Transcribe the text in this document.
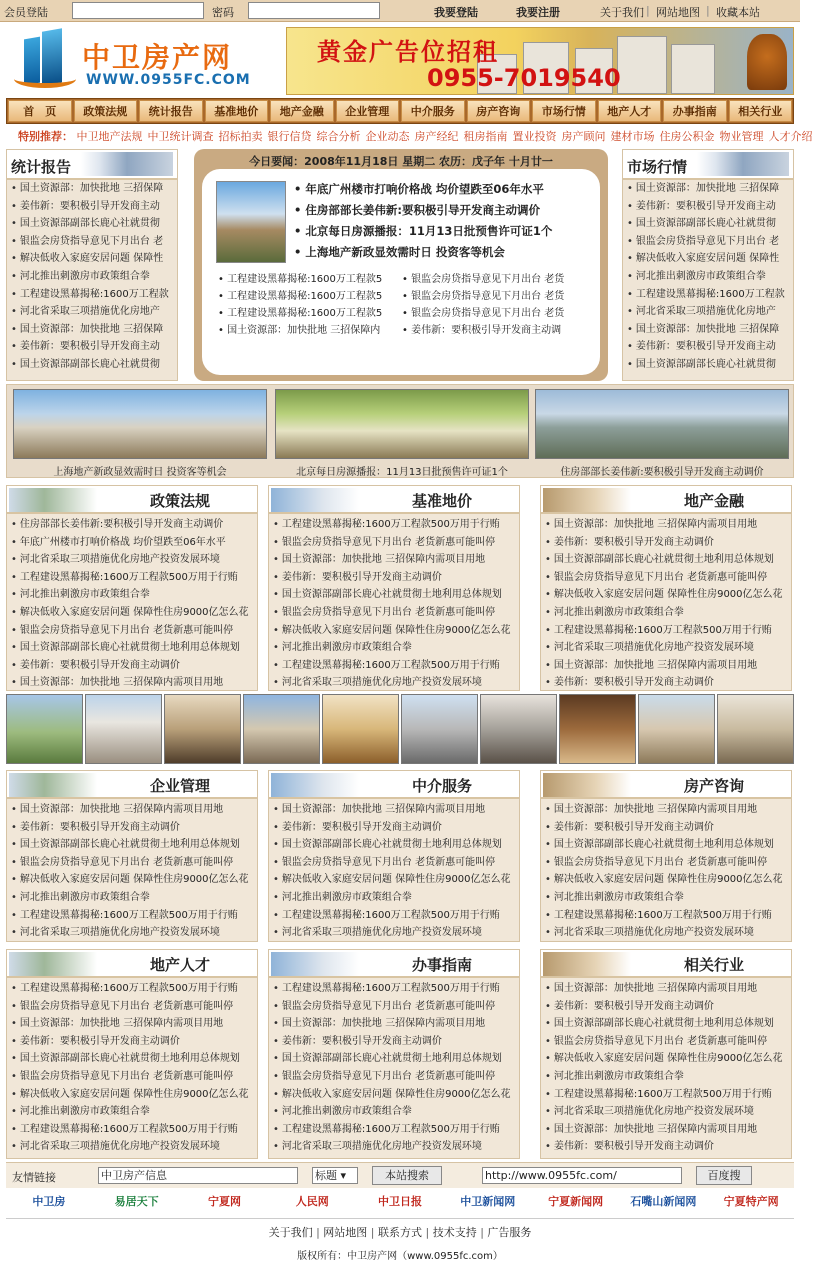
会员登陆	密码	我要登陆	我要注册	关于我们 | 网站地图 | 收藏本站
中卫房产网
WWW.0955FC.COM
黄金广告位招租
0955-7019540
首　页	政策法规	统计报告	基准地价	地产金融	企业管理	中介服务	房产咨询	市场行情	地产人才	办事指南	相关行业
特别推荐： 中卫地产法规 中卫统计调查 招标拍卖 银行信贷 综合分析 企业动态 房产经纪 租房指南 置业投资 房产顾问 建材市场 住房公积金 物业管理 人才介绍
统计报告
• 国土资源部：加快批地 三招保障
• 姜伟新：要积极引导开发商主动
• 国土资源部副部长鹿心社就贯彻
• 银监会房贷指导意见下月出台 老
• 解决低收入家庭安居问题 保障性
• 河北推出刺激房市政策组合拳
• 工程建设黑幕揭秘:1600万工程款
• 河北省采取三项措施优化房地产
• 国土资源部：加快批地 三招保障
• 姜伟新：要积极引导开发商主动
• 国土资源部副部长鹿心社就贯彻
今日要闻：2008年11月18日 星期二 农历：戊子年 十月廿一
• 年底广州楼市打响价格战 均价望跌至06年水平
• 住房部部长姜伟新:要积极引导开发商主动调价
• 北京每日房源播报：11月13日批预售许可证1个
• 上海地产新政显效需时日 投资客等机会
• 工程建设黑幕揭秘:1600万工程款5	• 银监会房贷指导意见下月出台 老货
• 工程建设黑幕揭秘:1600万工程款5	• 银监会房贷指导意见下月出台 老货
• 工程建设黑幕揭秘:1600万工程款5	• 银监会房贷指导意见下月出台 老货
• 国土资源部：加快批地 三招保障内	• 姜伟新：要积极引导开发商主动调
市场行情
• 国土资源部：加快批地 三招保障
• 姜伟新：要积极引导开发商主动
• 国土资源部副部长鹿心社就贯彻
• 银监会房贷指导意见下月出台 老
• 解决低收入家庭安居问题 保障性
• 河北推出刺激房市政策组合拳
• 工程建设黑幕揭秘:1600万工程款
• 河北省采取三项措施优化房地产
• 国土资源部：加快批地 三招保障
• 姜伟新：要积极引导开发商主动
• 国土资源部副部长鹿心社就贯彻
上海地产新政显效需时日 投资客等机会	北京每日房源播报：11月13日批预售许可证1个	住房部部长姜伟新:要积极引导开发商主动调价
政策法规
• 住房部部长姜伟新:要积极引导开发商主动调价
• 年底广州楼市打响价格战 均价望跌至06年水平
• 河北省采取三项措施优化房地产投资发展环境
• 工程建设黑幕揭秘:1600万工程款500万用于行贿
• 河北推出刺激房市政策组合拳
• 解决低收入家庭安居问题 保障性住房9000亿怎么花
• 银监会房贷指导意见下月出台 老货新惠可能叫停
• 国土资源部副部长鹿心社就贯彻土地利用总体规划
• 姜伟新：要积极引导开发商主动调价
• 国土资源部：加快批地 三招保障内需项目用地
基准地价
• 工程建设黑幕揭秘:1600万工程款500万用于行贿
• 银监会房贷指导意见下月出台 老货新惠可能叫停
• 国土资源部：加快批地 三招保障内需项目用地
• 姜伟新：要积极引导开发商主动调价
• 国土资源部副部长鹿心社就贯彻土地利用总体规划
• 银监会房贷指导意见下月出台 老货新惠可能叫停
• 解决低收入家庭安居问题 保障性住房9000亿怎么花
• 河北推出刺激房市政策组合拳
• 工程建设黑幕揭秘:1600万工程款500万用于行贿
• 河北省采取三项措施优化房地产投资发展环境
地产金融
• 国土资源部：加快批地 三招保障内需项目用地
• 姜伟新：要积极引导开发商主动调价
• 国土资源部副部长鹿心社就贯彻土地利用总体规划
• 银监会房贷指导意见下月出台 老货新惠可能叫停
• 解决低收入家庭安居问题 保障性住房9000亿怎么花
• 河北推出刺激房市政策组合拳
• 工程建设黑幕揭秘:1600万工程款500万用于行贿
• 河北省采取三项措施优化房地产投资发展环境
• 国土资源部：加快批地 三招保障内需项目用地
• 姜伟新：要积极引导开发商主动调价
企业管理
• 国土资源部：加快批地 三招保障内需项目用地
• 姜伟新：要积极引导开发商主动调价
• 国土资源部副部长鹿心社就贯彻土地利用总体规划
• 银监会房贷指导意见下月出台 老货新惠可能叫停
• 解决低收入家庭安居问题 保障性住房9000亿怎么花
• 河北推出刺激房市政策组合拳
• 工程建设黑幕揭秘:1600万工程款500万用于行贿
• 河北省采取三项措施优化房地产投资发展环境
中介服务
• 国土资源部：加快批地 三招保障内需项目用地
• 姜伟新：要积极引导开发商主动调价
• 国土资源部副部长鹿心社就贯彻土地利用总体规划
• 银监会房贷指导意见下月出台 老货新惠可能叫停
• 解决低收入家庭安居问题 保障性住房9000亿怎么花
• 河北推出刺激房市政策组合拳
• 工程建设黑幕揭秘:1600万工程款500万用于行贿
• 河北省采取三项措施优化房地产投资发展环境
房产咨询
• 国土资源部：加快批地 三招保障内需项目用地
• 姜伟新：要积极引导开发商主动调价
• 国土资源部副部长鹿心社就贯彻土地利用总体规划
• 银监会房贷指导意见下月出台 老货新惠可能叫停
• 解决低收入家庭安居问题 保障性住房9000亿怎么花
• 河北推出刺激房市政策组合拳
• 工程建设黑幕揭秘:1600万工程款500万用于行贿
• 河北省采取三项措施优化房地产投资发展环境
地产人才
• 工程建设黑幕揭秘:1600万工程款500万用于行贿
• 银监会房贷指导意见下月出台 老货新惠可能叫停
• 国土资源部：加快批地 三招保障内需项目用地
• 姜伟新：要积极引导开发商主动调价
• 国土资源部副部长鹿心社就贯彻土地利用总体规划
• 银监会房贷指导意见下月出台 老货新惠可能叫停
• 解决低收入家庭安居问题 保障性住房9000亿怎么花
• 河北推出刺激房市政策组合拳
• 工程建设黑幕揭秘:1600万工程款500万用于行贿
• 河北省采取三项措施优化房地产投资发展环境
办事指南
• 工程建设黑幕揭秘:1600万工程款500万用于行贿
• 银监会房贷指导意见下月出台 老货新惠可能叫停
• 国土资源部：加快批地 三招保障内需项目用地
• 姜伟新：要积极引导开发商主动调价
• 国土资源部副部长鹿心社就贯彻土地利用总体规划
• 银监会房贷指导意见下月出台 老货新惠可能叫停
• 解决低收入家庭安居问题 保障性住房9000亿怎么花
• 河北推出刺激房市政策组合拳
• 工程建设黑幕揭秘:1600万工程款500万用于行贿
• 河北省采取三项措施优化房地产投资发展环境
相关行业
• 国土资源部：加快批地 三招保障内需项目用地
• 姜伟新：要积极引导开发商主动调价
• 国土资源部副部长鹿心社就贯彻土地利用总体规划
• 银监会房贷指导意见下月出台 老货新惠可能叫停
• 解决低收入家庭安居问题 保障性住房9000亿怎么花
• 河北推出刺激房市政策组合拳
• 工程建设黑幕揭秘:1600万工程款500万用于行贿
• 河北省采取三项措施优化房地产投资发展环境
• 国土资源部：加快批地 三招保障内需项目用地
• 姜伟新：要积极引导开发商主动调价
友情链接	中卫房产信息	标题 ▾	本站搜索	http://www.0955fc.com/	百度搜
中卫房	易居天下	宁夏网	人民网	中卫日报	中卫新闻网	宁夏新闻网	石嘴山新闻网	宁夏特产网
关于我们 | 网站地图 | 联系方式 | 技术支持 | 广告服务
版权所有：中卫房产网（www.0955fc.com）
